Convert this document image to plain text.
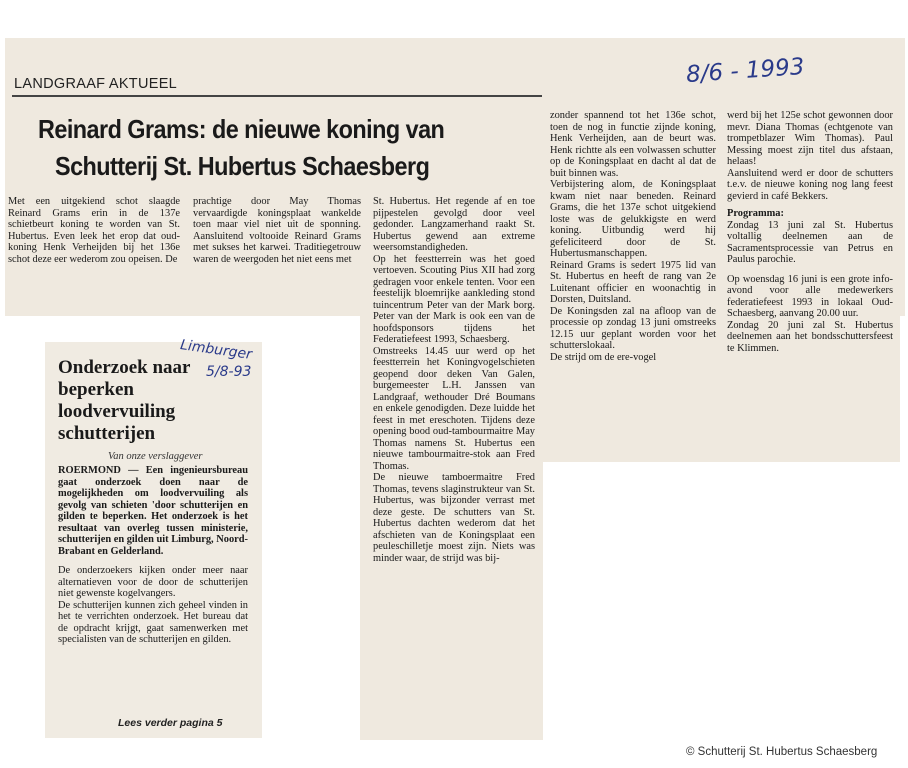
LANDGRAAF AKTUEEL	8/6 - 1993
Reinard Grams: de nieuwe koning van
Schutterij St. Hubertus Schaesberg

Met een uitgekiend schot slaagde Reinard Grams erin in de 137e schietbeurt koning te worden van St. Hubertus. Even leek het erop dat oud-koning Henk Verheijden bij het 136e schot deze eer wederom zou opeisen. De

prachtige door May Thomas vervaardigde koningsplaat wankelde toen maar viel niet uit de sponning. Aansluitend voltooide Reinard Grams met sukses het karwei. Traditiegetrouw waren de weergoden het niet eens met

St. Hubertus. Het regende af en toe pijpestelen gevolgd door veel gedonder. Langzamerhand raakt St. Hubertus gewend aan extreme weersomstandigheden.

Op het feestterrein was het goed vertoeven. Scouting Pius XII had zorg gedragen voor enkele tenten. Voor een feestelijk bloemrijke aankleding stond tuincentrum Peter van der Mark borg. Peter van der Mark is ook een van de hoofdsponsors tijdens het Federatiefeest 1993, Schaesberg.

Omstreeks 14.45 uur werd op het feestterrein het Koningvogelschieten geopend door deken Van Galen, burgemeester L.H. Janssen van Landgraaf, wethouder Dré Boumans en enkele genodigden. Deze luidde het feest in met ereschoten. Tijdens deze opening bood oud-tambourmaitre May Thomas namens St. Hubertus een nieuwe tambourmaitre-stok aan Fred Thomas.

De nieuwe tamboermaitre Fred Thomas, tevens slaginstrukteur van St. Hubertus, was bijzonder verrast met deze geste. De schutters van St. Hubertus dachten wederom dat het afschieten van de Koningsplaat een peuleschilletje moest zijn. Niets was minder waar, de strijd was bij-

zonder spannend tot het 136e schot, toen de nog in functie zijnde koning, Henk Verheijden, aan de beurt was. Henk richtte als een volwassen schutter op de Koningsplaat en dacht al dat de buit binnen was.

Verbijstering alom, de Koningsplaat kwam niet naar beneden. Reinard Grams, die het 137e schot uitgekiend loste was de gelukkigste en werd koning. Uitbundig werd hij gefeliciteerd door de St. Hubertusmanschappen.

Reinard Grams is sedert 1975 lid van St. Hubertus en heeft de rang van 2e Luitenant officier en woonachtig in Dorsten, Duitsland.

De Koningsden zal na afloop van de processie op zondag 13 juni omstreeks 12.15 uur geplant worden voor het schutterslokaal.

De strijd om de ere-vogel

werd bij het 125e schot gewonnen door mevr. Diana Thomas (echtgenote van trompetblazer Wim Thomas). Paul Messing moest zijn titel dus afstaan, helaas!

Aansluitend werd er door de schutters t.e.v. de nieuwe koning nog lang feest gevierd in café Bekkers.

Programma:

Zondag 13 juni zal St. Hubertus voltallig deelnemen aan de Sacramentsprocessie van Petrus en Paulus parochie.

Op woensdag 16 juni is een grote info-avond voor alle medewerkers federatiefeest 1993 in lokaal Oud-Schaesberg, aanvang 20.00 uur.

Zondag 20 juni zal St. Hubertus deelnemen aan het bondsschuttersfeest te Klimmen.

Limburger
5/8-93
Onderzoek naar beperken loodvervuiling schutterijen
Van onze verslaggever

ROERMOND — Een ingenieursbureau gaat onderzoek doen naar de mogelijkheden om loodvervuiling als gevolg van schieten 'door schutterijen en gilden te beperken. Het onderzoek is het resultaat van overleg tussen ministerie, schutterijen en gilden uit Limburg, Noord-Brabant en Gelderland.

De onderzoekers kijken onder meer naar alternatieven voor de door de schutterijen niet gewenste kogelvangers.

De schutterijen kunnen zich geheel vinden in het te verrichten onderzoek. Het bureau dat de opdracht krijgt, gaat samenwerken met specialisten van de schutterijen en gilden.

Lees verder pagina 5
© Schutterij St. Hubertus Schaesberg
